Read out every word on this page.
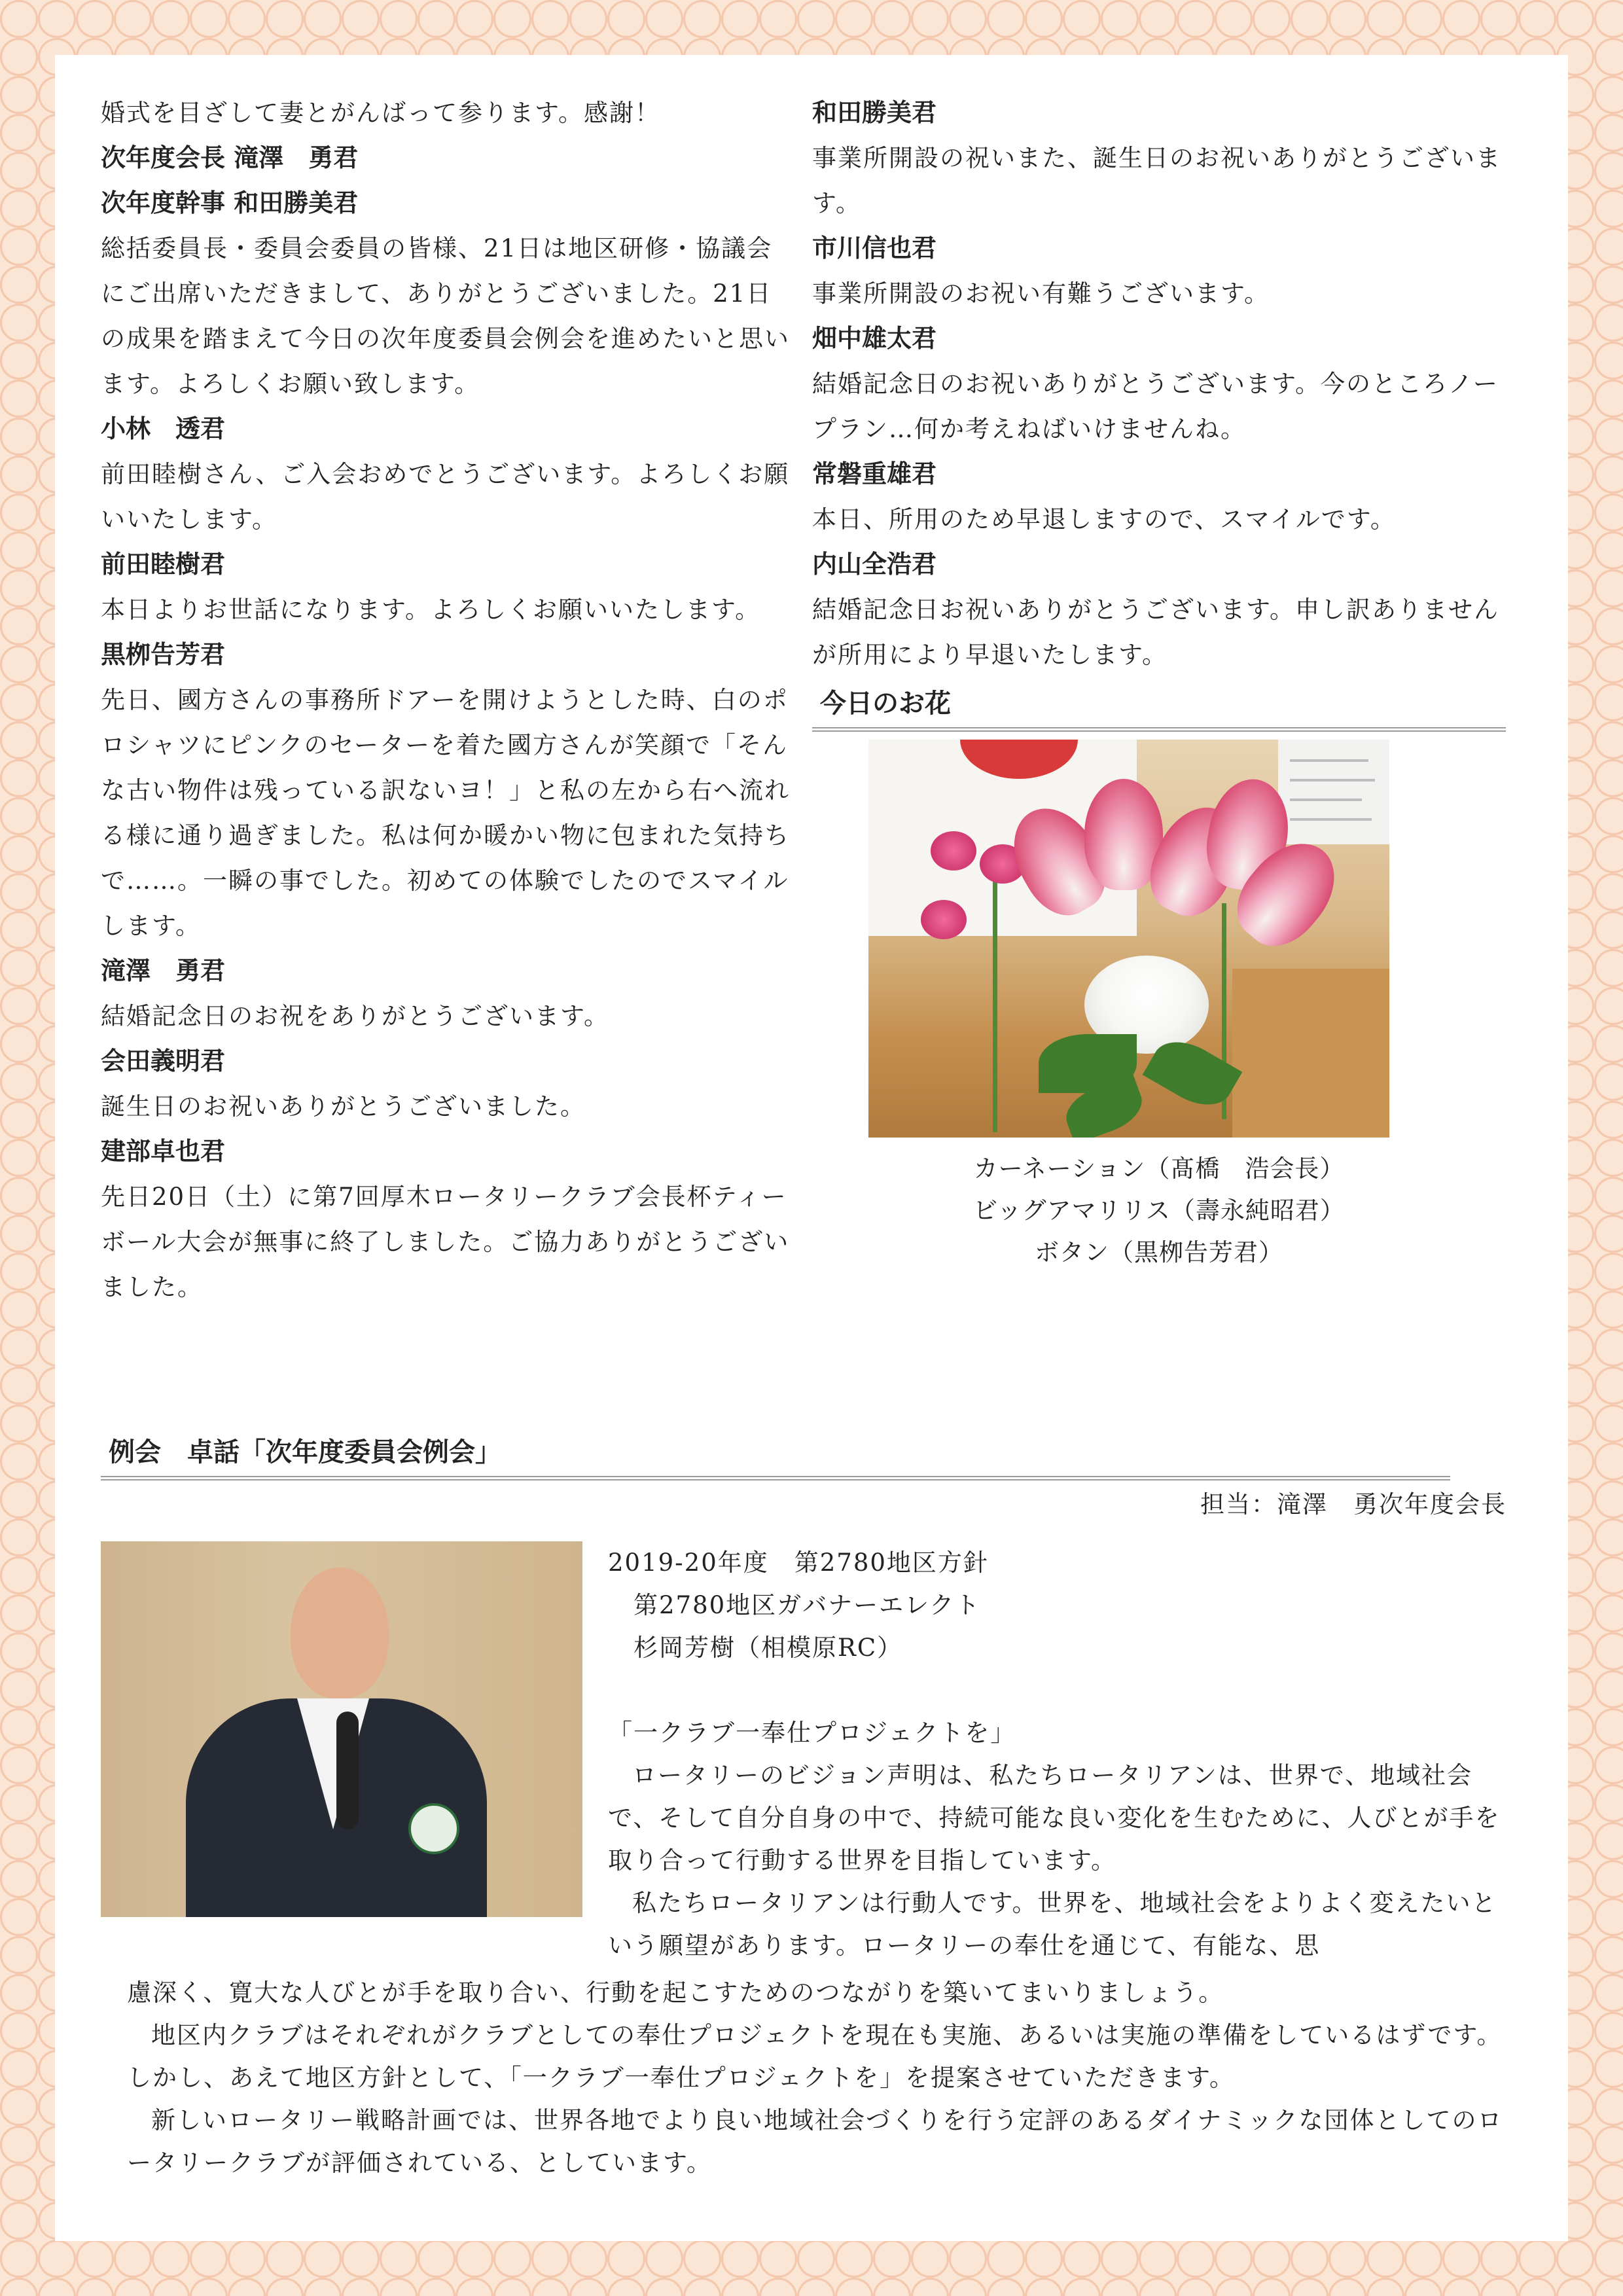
婚式を目ざして妻とがんばって参ります。感謝！
次年度会長 滝澤　勇君
次年度幹事 和田勝美君
総括委員長・委員会委員の皆様、21日は地区研修・協議会にご出席いただきまして、ありがとうございました。21日の成果を踏まえて今日の次年度委員会例会を進めたいと思います。よろしくお願い致します。
小林　透君
前田睦樹さん、ご入会おめでとうございます。よろしくお願いいたします。
前田睦樹君
本日よりお世話になります。よろしくお願いいたします。
黒栁告芳君
先日、國方さんの事務所ドアーを開けようとした時、白のポロシャツにピンクのセーターを着た國方さんが笑顔で「そんな古い物件は残っている訳ないヨ！」と私の左から右へ流れる様に通り過ぎました。私は何か暖かい物に包まれた気持ちで……。一瞬の事でした。初めての体験でしたのでスマイルします。
滝澤　勇君
結婚記念日のお祝をありがとうございます。
会田義明君
誕生日のお祝いありがとうございました。
建部卓也君
先日20日（土）に第7回厚木ロータリークラブ会長杯ティーボール大会が無事に終了しました。ご協力ありがとうございました。
和田勝美君
事業所開設の祝いまた、誕生日のお祝いありがとうございます。
市川信也君
事業所開設のお祝い有難うございます。
畑中雄太君
結婚記念日のお祝いありがとうございます。今のところノープラン…何か考えねばいけませんね。
常磐重雄君
本日、所用のため早退しますので、スマイルです。
内山全浩君
結婚記念日お祝いありがとうございます。申し訳ありませんが所用により早退いたします。
今日のお花
カーネーション（髙橋　浩会長）
ビッグアマリリス（壽永純昭君）
ボタン（黒栁告芳君）
例会　卓話「次年度委員会例会」
担当：滝澤　勇次年度会長
2019-20年度　第2780地区方針
　第2780地区ガバナーエレクト
　杉岡芳樹（相模原RC）
「一クラブ一奉仕プロジェクトを」
ロータリーのビジョン声明は、私たちロータリアンは、世界で、地域社会で、そして自分自身の中で、持続可能な良い変化を生むために、人びとが手を取り合って行動する世界を目指しています。
私たちロータリアンは行動人です。世界を、地域社会をよりよく変えたいという願望があります。ロータリーの奉仕を通じて、有能な、思
慮深く、寛大な人びとが手を取り合い、行動を起こすためのつながりを築いてまいりましょう。
地区内クラブはそれぞれがクラブとしての奉仕プロジェクトを現在も実施、あるいは実施の準備をしているはずです。しかし、あえて地区方針として、「一クラブ一奉仕プロジェクトを」を提案させていただきます。
新しいロータリー戦略計画では、世界各地でより良い地域社会づくりを行う定評のあるダイナミックな団体としてのロータリークラブが評価されている、としています。
